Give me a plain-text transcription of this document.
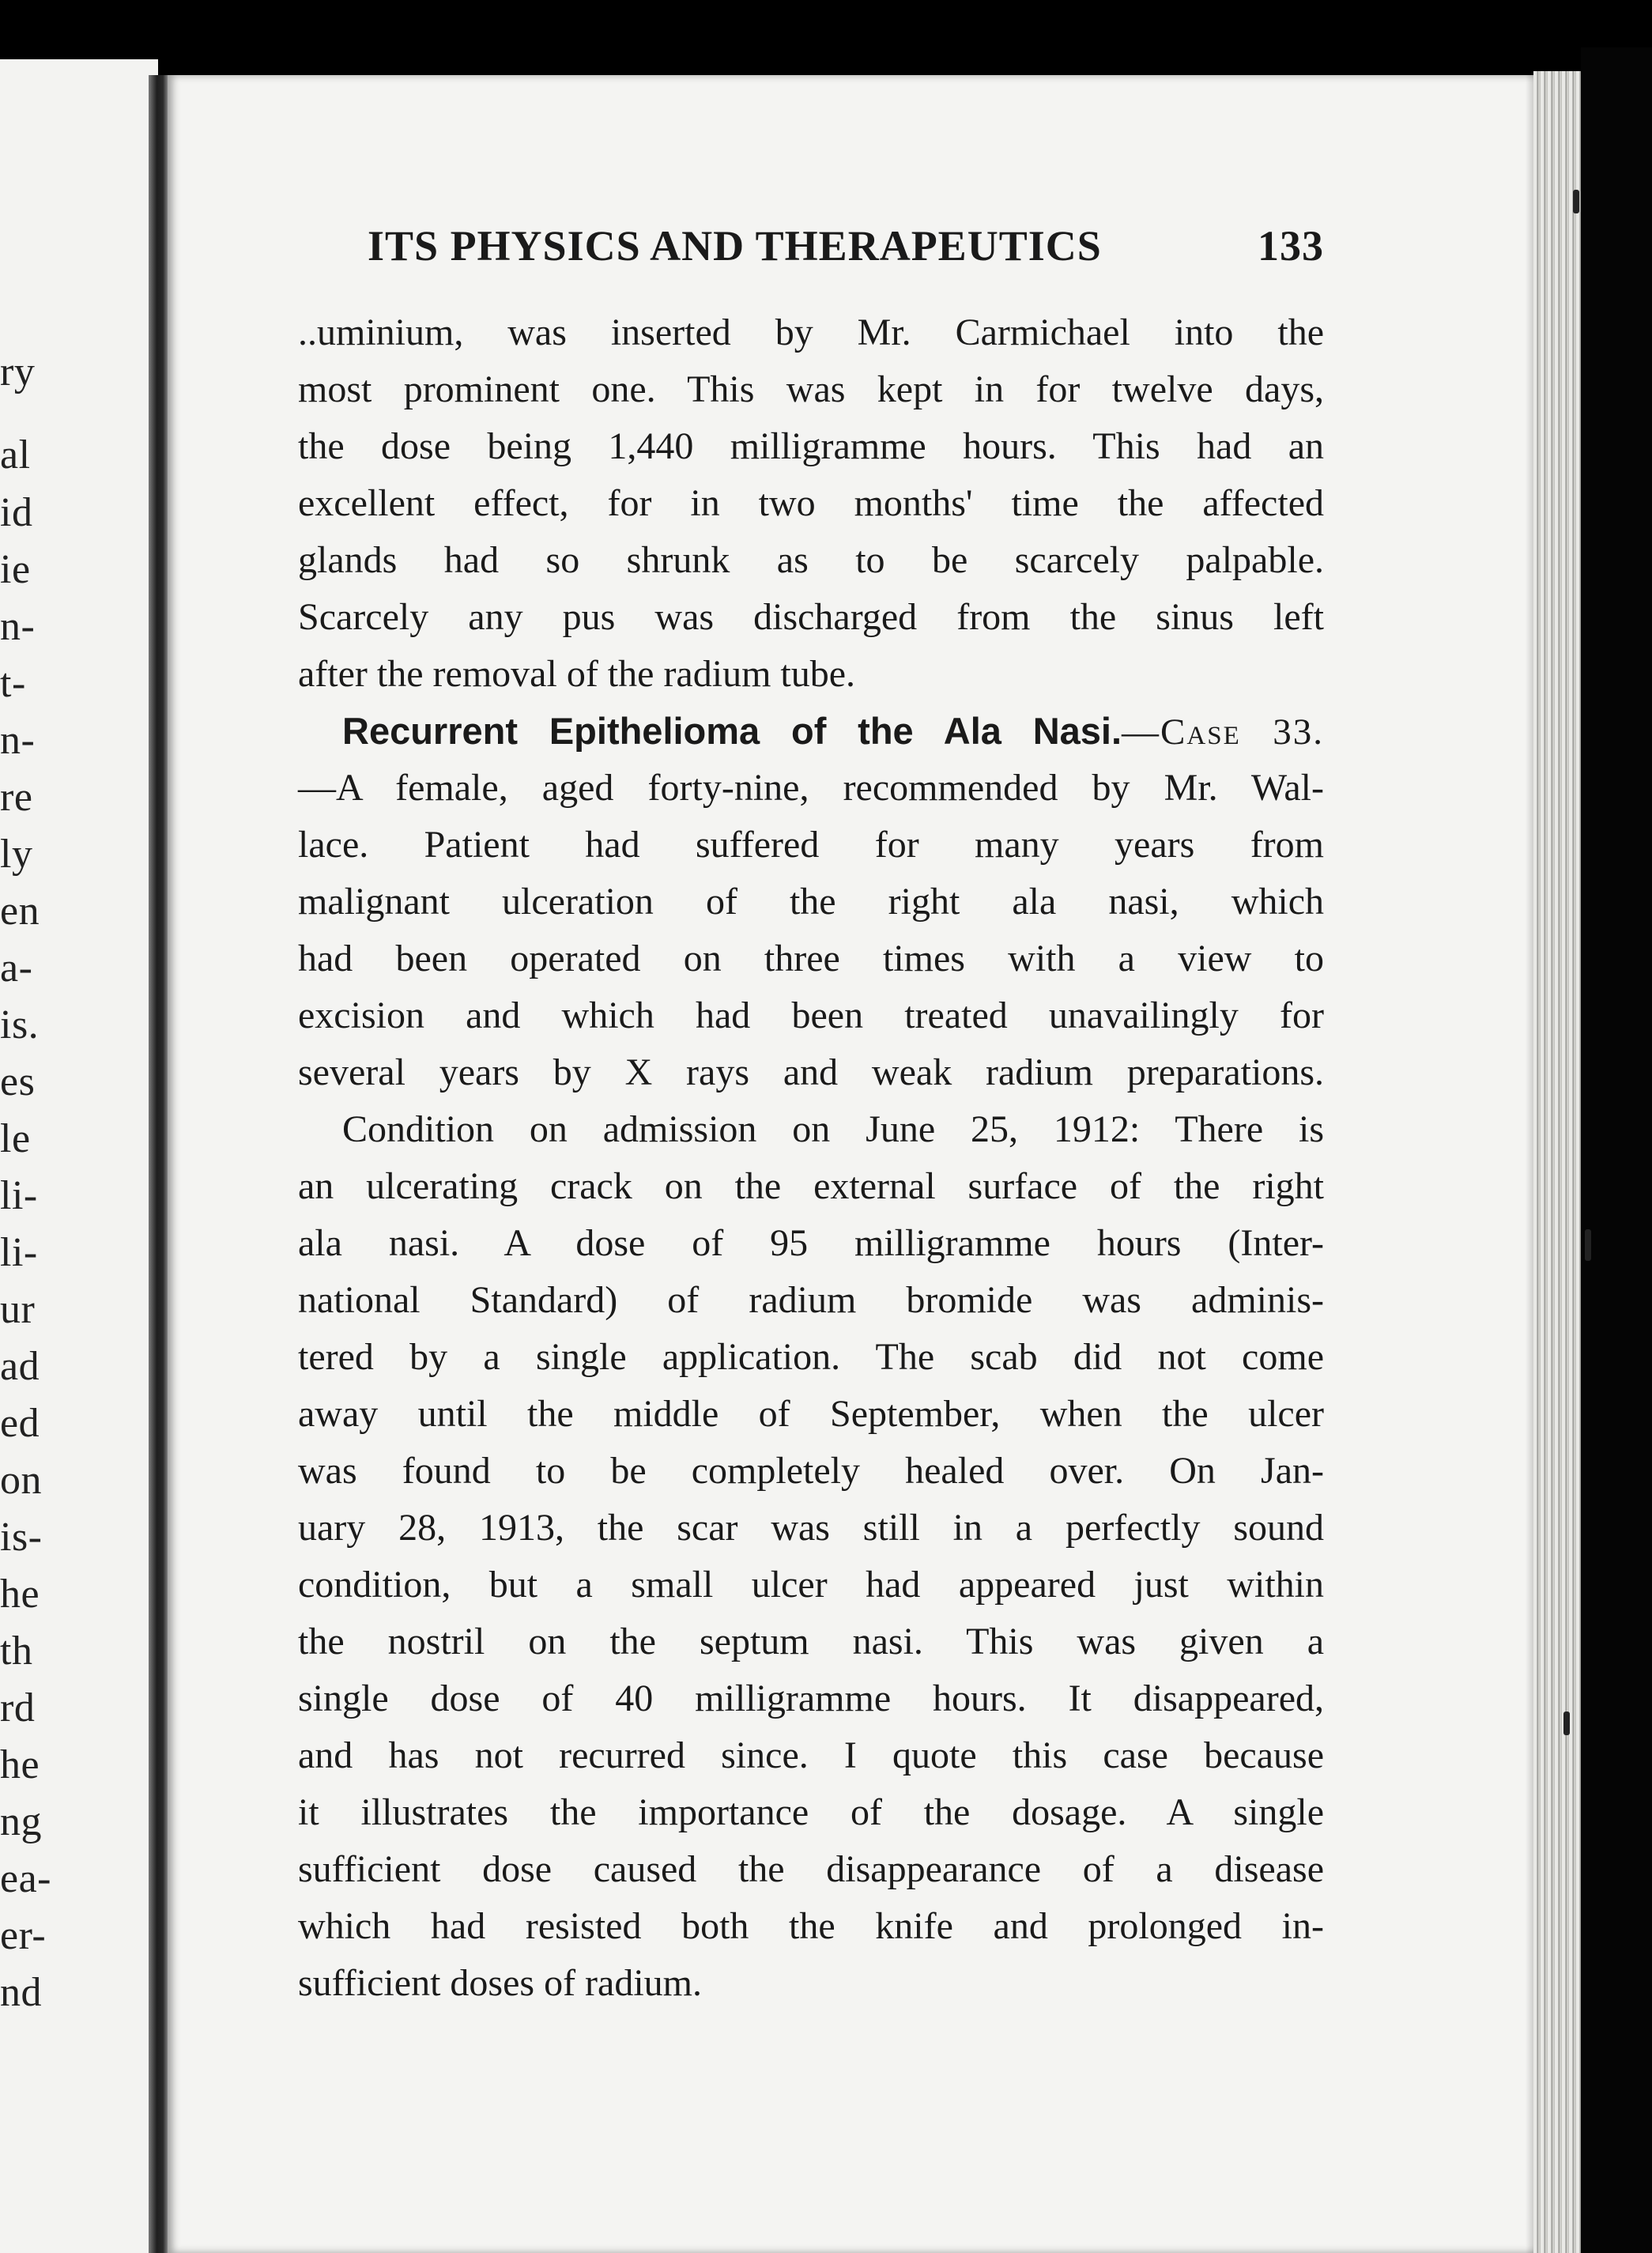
ry
al
id
ie
n-
t-
n-
re
ly
en
a-
is.
es
le
li-
li-
ur
ad
ed
on
is-
he
th
rd
he
ng
ea-
er-
nd
ITS PHYSICS AND THERAPEUTICS	133
..uminium, was inserted by Mr. Carmichael into the
most prominent one. This was kept in for twelve days,
the dose being 1,440 milligramme hours. This had an
excellent effect, for in two months' time the affected
glands had so shrunk as to be scarcely palpable.
Scarcely any pus was discharged from the sinus left
after the removal of the radium tube.
Recurrent Epithelioma of the Ala Nasi.—Case 33.
—A female, aged forty-nine, recommended by Mr. Wal-
lace. Patient had suffered for many years from
malignant ulceration of the right ala nasi, which
had been operated on three times with a view to
excision and which had been treated unavailingly for
several years by X rays and weak radium preparations.
Condition on admission on June 25, 1912: There is
an ulcerating crack on the external surface of the right
ala nasi. A dose of 95 milligramme hours (Inter-
national Standard) of radium bromide was adminis-
tered by a single application. The scab did not come
away until the middle of September, when the ulcer
was found to be completely healed over. On Jan-
uary 28, 1913, the scar was still in a perfectly sound
condition, but a small ulcer had appeared just within
the nostril on the septum nasi. This was given a
single dose of 40 milligramme hours. It disappeared,
and has not recurred since. I quote this case because
it illustrates the importance of the dosage. A single
sufficient dose caused the disappearance of a disease
which had resisted both the knife and prolonged in-
sufficient doses of radium.
